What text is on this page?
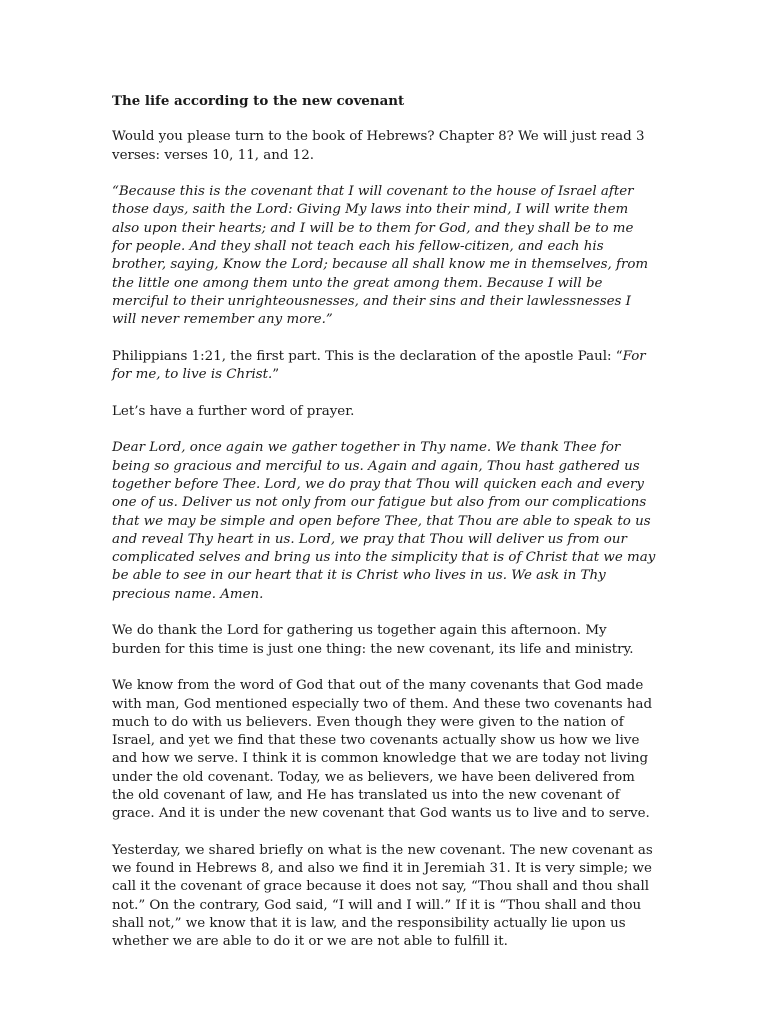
The life according to the new covenant

Would you please turn to the book of Hebrews? Chapter 8? We will just read 3 verses: verses 10, 11, and 12.

“Because this is the covenant that I will covenant to the house of Israel after those days, saith the Lord: Giving My laws into their mind, I will write them also upon their hearts; and I will be to them for God, and they shall be to me for people. And they shall not teach each his fellow-citizen, and each his brother, saying, Know the Lord; because all shall know me in themselves, from the little one among them unto the great among them. Because I will be merciful to their unrighteousnesses, and their sins and their lawlessnesses I will never remember any more.”

Philippians 1:21, the first part. This is the declaration of the apostle Paul: “For for me, to live is Christ.”

Let’s have a further word of prayer.

Dear Lord, once again we gather together in Thy name. We thank Thee for being so gracious and merciful to us. Again and again, Thou hast gathered us together before Thee. Lord, we do pray that Thou will quicken each and every one of us. Deliver us not only from our fatigue but also from our complications that we may be simple and open before Thee, that Thou are able to speak to us and reveal Thy heart in us. Lord, we pray that Thou will deliver us from our complicated selves and bring us into the simplicity that is of Christ that we may be able to see in our heart that it is Christ who lives in us. We ask in Thy precious name. Amen.

We do thank the Lord for gathering us together again this afternoon. My burden for this time is just one thing: the new covenant, its life and ministry.

We know from the word of God that out of the many covenants that God made with man, God mentioned especially two of them. And these two covenants had much to do with us believers. Even though they were given to the nation of Israel, and yet we find that these two covenants actually show us how we live and how we serve. I think it is common knowledge that we are today not living under the old covenant. Today, we as believers, we have been delivered from the old covenant of law, and He has translated us into the new covenant of grace. And it is under the new covenant that God wants us to live and to serve.

Yesterday, we shared briefly on what is the new covenant. The new covenant as we found in Hebrews 8, and also we find it in Jeremiah 31. It is very simple; we call it the covenant of grace because it does not say, “Thou shall and thou shall not.” On the contrary, God said, “I will and I will.” If it is “Thou shall and thou shall not,” we know that it is law, and the responsibility actually lie upon us whether we are able to do it or we are not able to fulfill it.
